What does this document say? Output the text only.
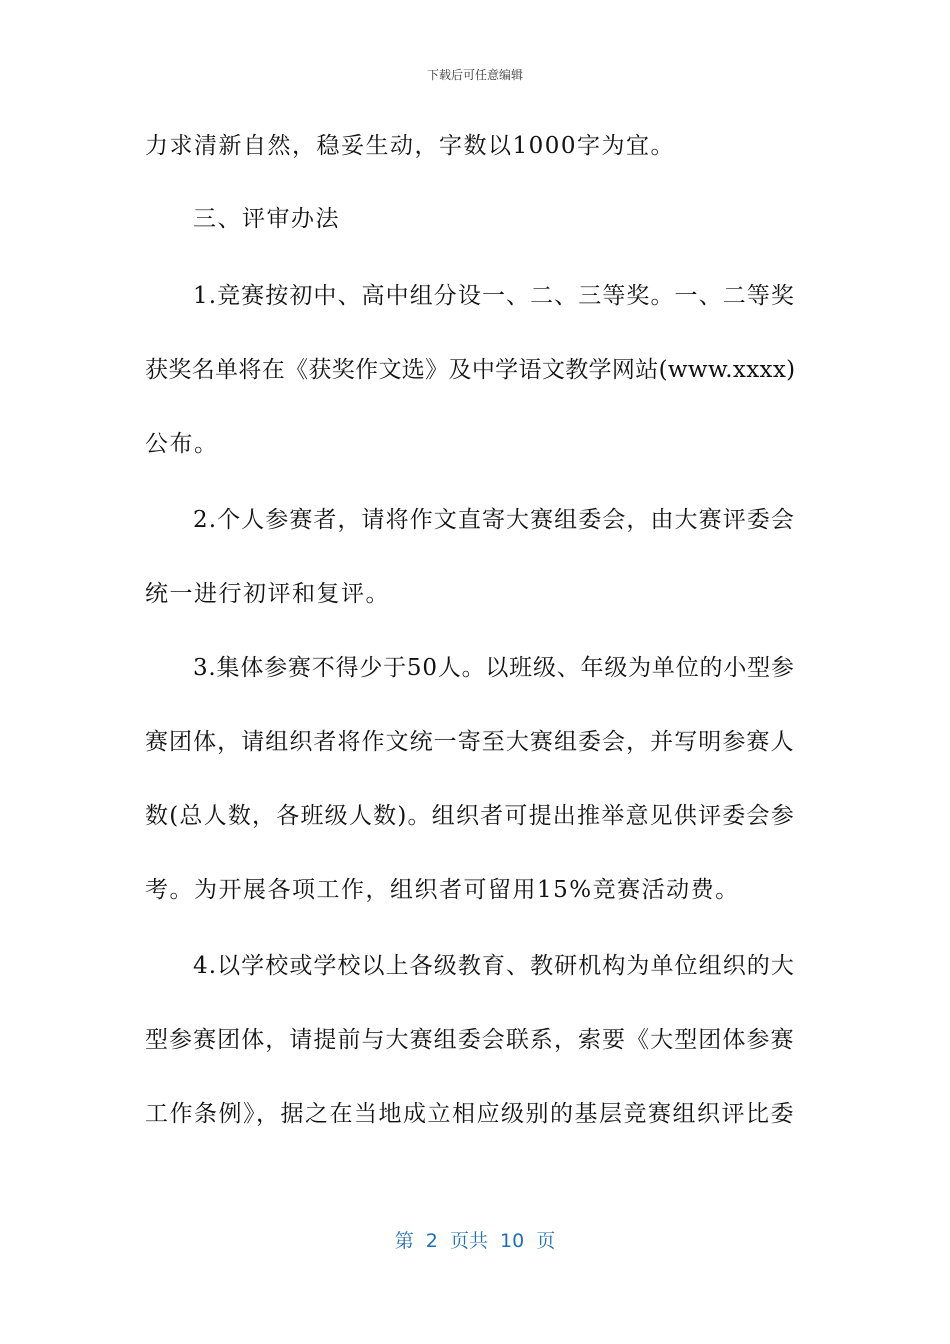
下载后可任意编辑
力求清新自然，稳妥生动，字数以1000字为宜。
三、评审办法
1.竞赛按初中、高中组分设一、二、三等奖。一、二等奖
获奖名单将在《获奖作文选》及中学语文教学网站(www.xxxx)
公布。
2.个人参赛者，请将作文直寄大赛组委会，由大赛评委会
统一进行初评和复评。
3.集体参赛不得少于50人。以班级、年级为单位的小型参
赛团体，请组织者将作文统一寄至大赛组委会，并写明参赛人
数(总人数，各班级人数)。组织者可提出推举意见供评委会参
考。为开展各项工作，组织者可留用15%竞赛活动费。
4.以学校或学校以上各级教育、教研机构为单位组织的大
型参赛团体，请提前与大赛组委会联系，索要《大型团体参赛
工作条例》，据之在当地成立相应级别的基层竞赛组织评比委
第  2  页共  10  页
